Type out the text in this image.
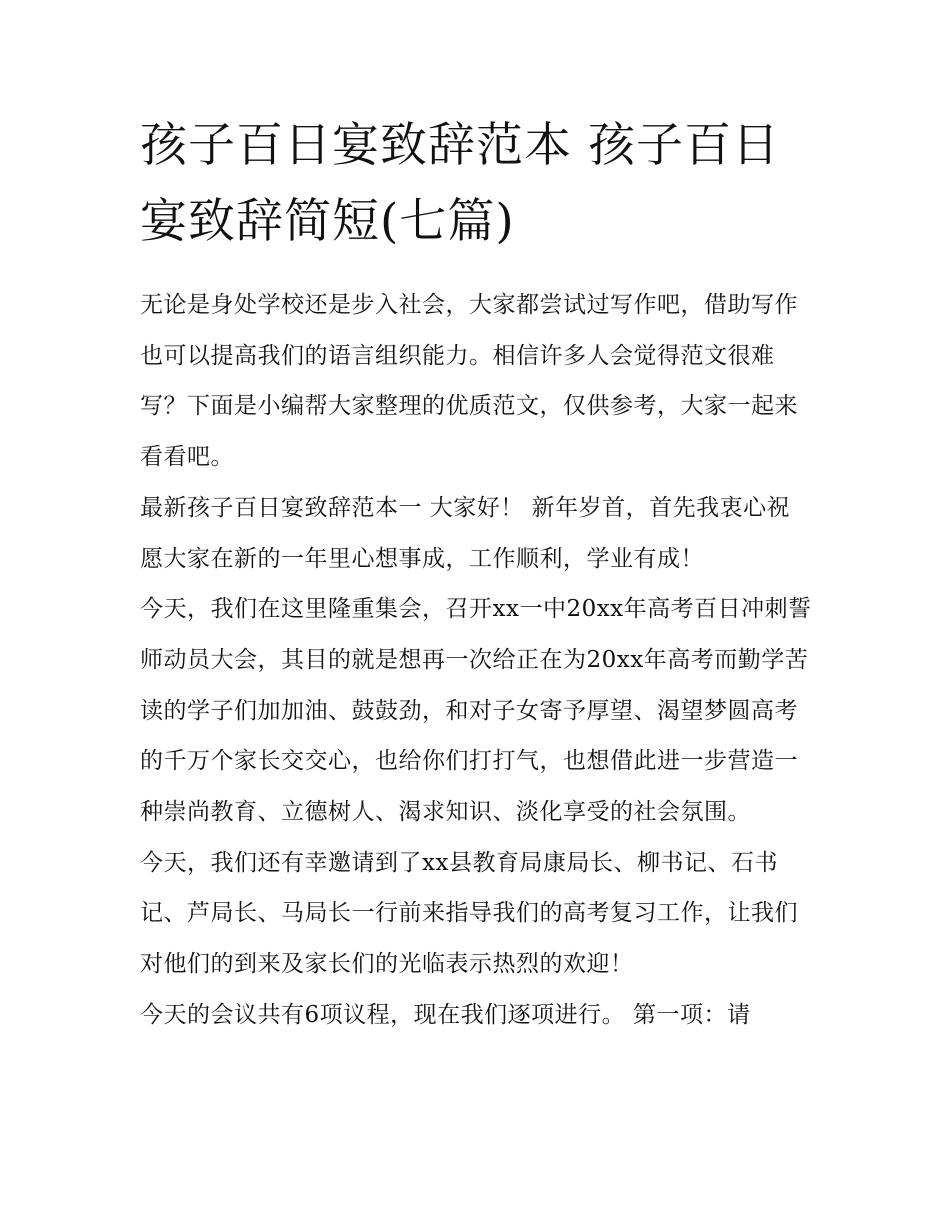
孩子百日宴致辞范本 孩子百日宴致辞简短(七篇)

无论是身处学校还是步入社会，大家都尝试过写作吧，借助写作也可以提高我们的语言组织能力。相信许多人会觉得范文很难写？下面是小编帮大家整理的优质范文，仅供参考，大家一起来看看吧。

最新孩子百日宴致辞范本一 大家好！ 新年岁首，首先我衷心祝愿大家在新的一年里心想事成，工作顺利，学业有成！

今天，我们在这里隆重集会，召开xx一中20xx年高考百日冲刺誓师动员大会，其目的就是想再一次给正在为20xx年高考而勤学苦读的学子们加加油、鼓鼓劲，和对子女寄予厚望、渴望梦圆高考的千万个家长交交心，也给你们打打气，也想借此进一步营造一种崇尚教育、立德树人、渴求知识、淡化享受的社会氛围。

今天，我们还有幸邀请到了xx县教育局康局长、柳书记、石书记、芦局长、马局长一行前来指导我们的高考复习工作，让我们对他们的到来及家长们的光临表示热烈的欢迎！

今天的会议共有6项议程，现在我们逐项进行。 第一项：请
